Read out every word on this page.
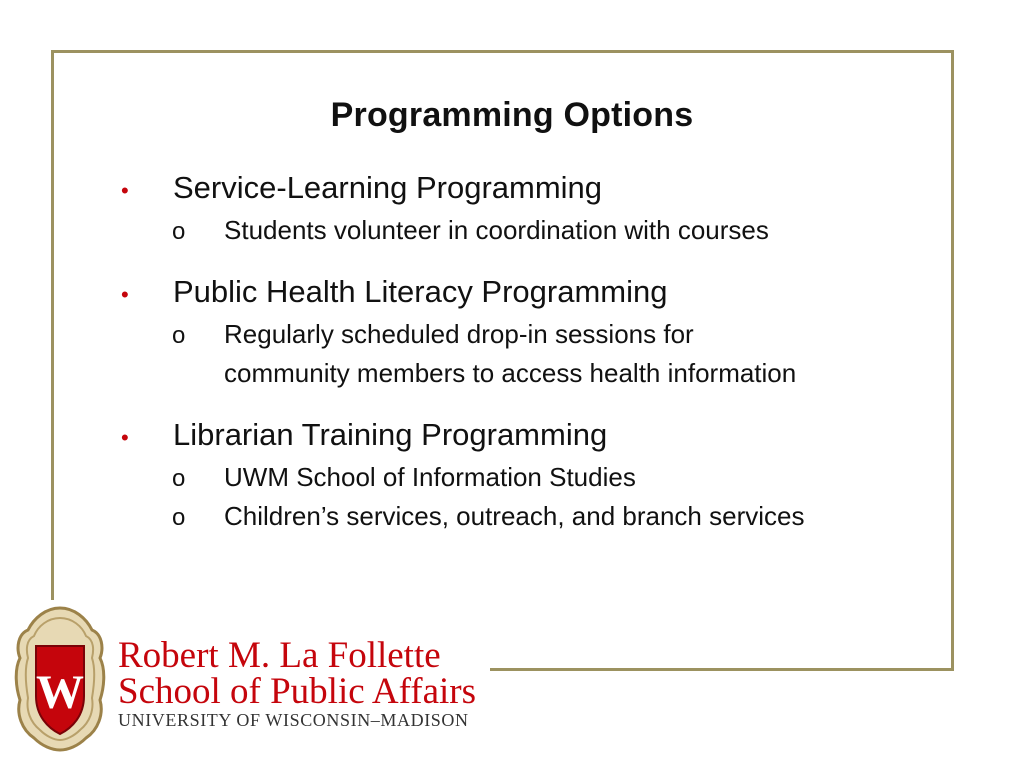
Programming Options
• Service-Learning Programming
o Students volunteer in coordination with courses
• Public Health Literacy Programming
o Regularly scheduled drop-in sessions for
community members to access health information
• Librarian Training Programming
o UWM School of Information Studies
o Children’s services, outreach, and branch services
W
Robert M. La Follette
School of Public Affairs
UNIVERSITY OF WISCONSIN–MADISON
